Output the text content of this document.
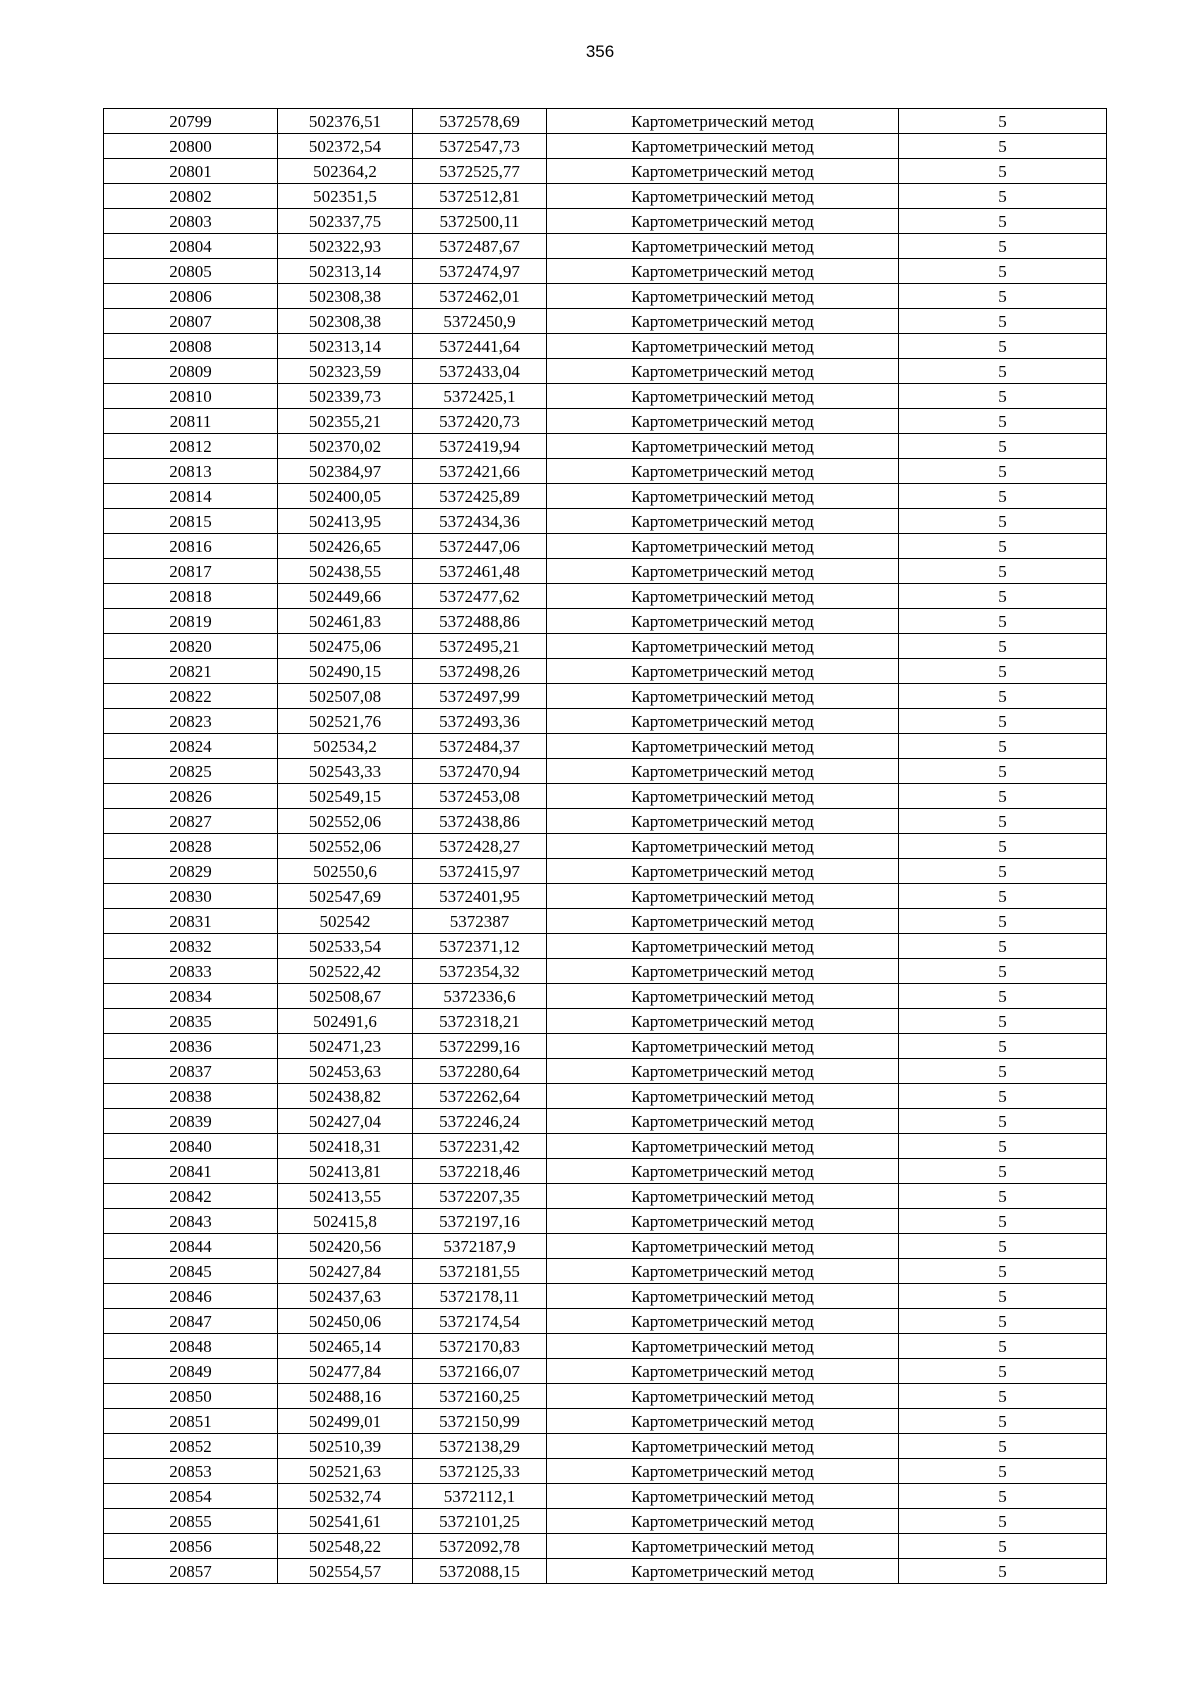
356
20799	502376,51	5372578,69	Картометрический метод	5
20800	502372,54	5372547,73	Картометрический метод	5
20801	502364,2	5372525,77	Картометрический метод	5
20802	502351,5	5372512,81	Картометрический метод	5
20803	502337,75	5372500,11	Картометрический метод	5
20804	502322,93	5372487,67	Картометрический метод	5
20805	502313,14	5372474,97	Картометрический метод	5
20806	502308,38	5372462,01	Картометрический метод	5
20807	502308,38	5372450,9	Картометрический метод	5
20808	502313,14	5372441,64	Картометрический метод	5
20809	502323,59	5372433,04	Картометрический метод	5
20810	502339,73	5372425,1	Картометрический метод	5
20811	502355,21	5372420,73	Картометрический метод	5
20812	502370,02	5372419,94	Картометрический метод	5
20813	502384,97	5372421,66	Картометрический метод	5
20814	502400,05	5372425,89	Картометрический метод	5
20815	502413,95	5372434,36	Картометрический метод	5
20816	502426,65	5372447,06	Картометрический метод	5
20817	502438,55	5372461,48	Картометрический метод	5
20818	502449,66	5372477,62	Картометрический метод	5
20819	502461,83	5372488,86	Картометрический метод	5
20820	502475,06	5372495,21	Картометрический метод	5
20821	502490,15	5372498,26	Картометрический метод	5
20822	502507,08	5372497,99	Картометрический метод	5
20823	502521,76	5372493,36	Картометрический метод	5
20824	502534,2	5372484,37	Картометрический метод	5
20825	502543,33	5372470,94	Картометрический метод	5
20826	502549,15	5372453,08	Картометрический метод	5
20827	502552,06	5372438,86	Картометрический метод	5
20828	502552,06	5372428,27	Картометрический метод	5
20829	502550,6	5372415,97	Картометрический метод	5
20830	502547,69	5372401,95	Картометрический метод	5
20831	502542	5372387	Картометрический метод	5
20832	502533,54	5372371,12	Картометрический метод	5
20833	502522,42	5372354,32	Картометрический метод	5
20834	502508,67	5372336,6	Картометрический метод	5
20835	502491,6	5372318,21	Картометрический метод	5
20836	502471,23	5372299,16	Картометрический метод	5
20837	502453,63	5372280,64	Картометрический метод	5
20838	502438,82	5372262,64	Картометрический метод	5
20839	502427,04	5372246,24	Картометрический метод	5
20840	502418,31	5372231,42	Картометрический метод	5
20841	502413,81	5372218,46	Картометрический метод	5
20842	502413,55	5372207,35	Картометрический метод	5
20843	502415,8	5372197,16	Картометрический метод	5
20844	502420,56	5372187,9	Картометрический метод	5
20845	502427,84	5372181,55	Картометрический метод	5
20846	502437,63	5372178,11	Картометрический метод	5
20847	502450,06	5372174,54	Картометрический метод	5
20848	502465,14	5372170,83	Картометрический метод	5
20849	502477,84	5372166,07	Картометрический метод	5
20850	502488,16	5372160,25	Картометрический метод	5
20851	502499,01	5372150,99	Картометрический метод	5
20852	502510,39	5372138,29	Картометрический метод	5
20853	502521,63	5372125,33	Картометрический метод	5
20854	502532,74	5372112,1	Картометрический метод	5
20855	502541,61	5372101,25	Картометрический метод	5
20856	502548,22	5372092,78	Картометрический метод	5
20857	502554,57	5372088,15	Картометрический метод	5
